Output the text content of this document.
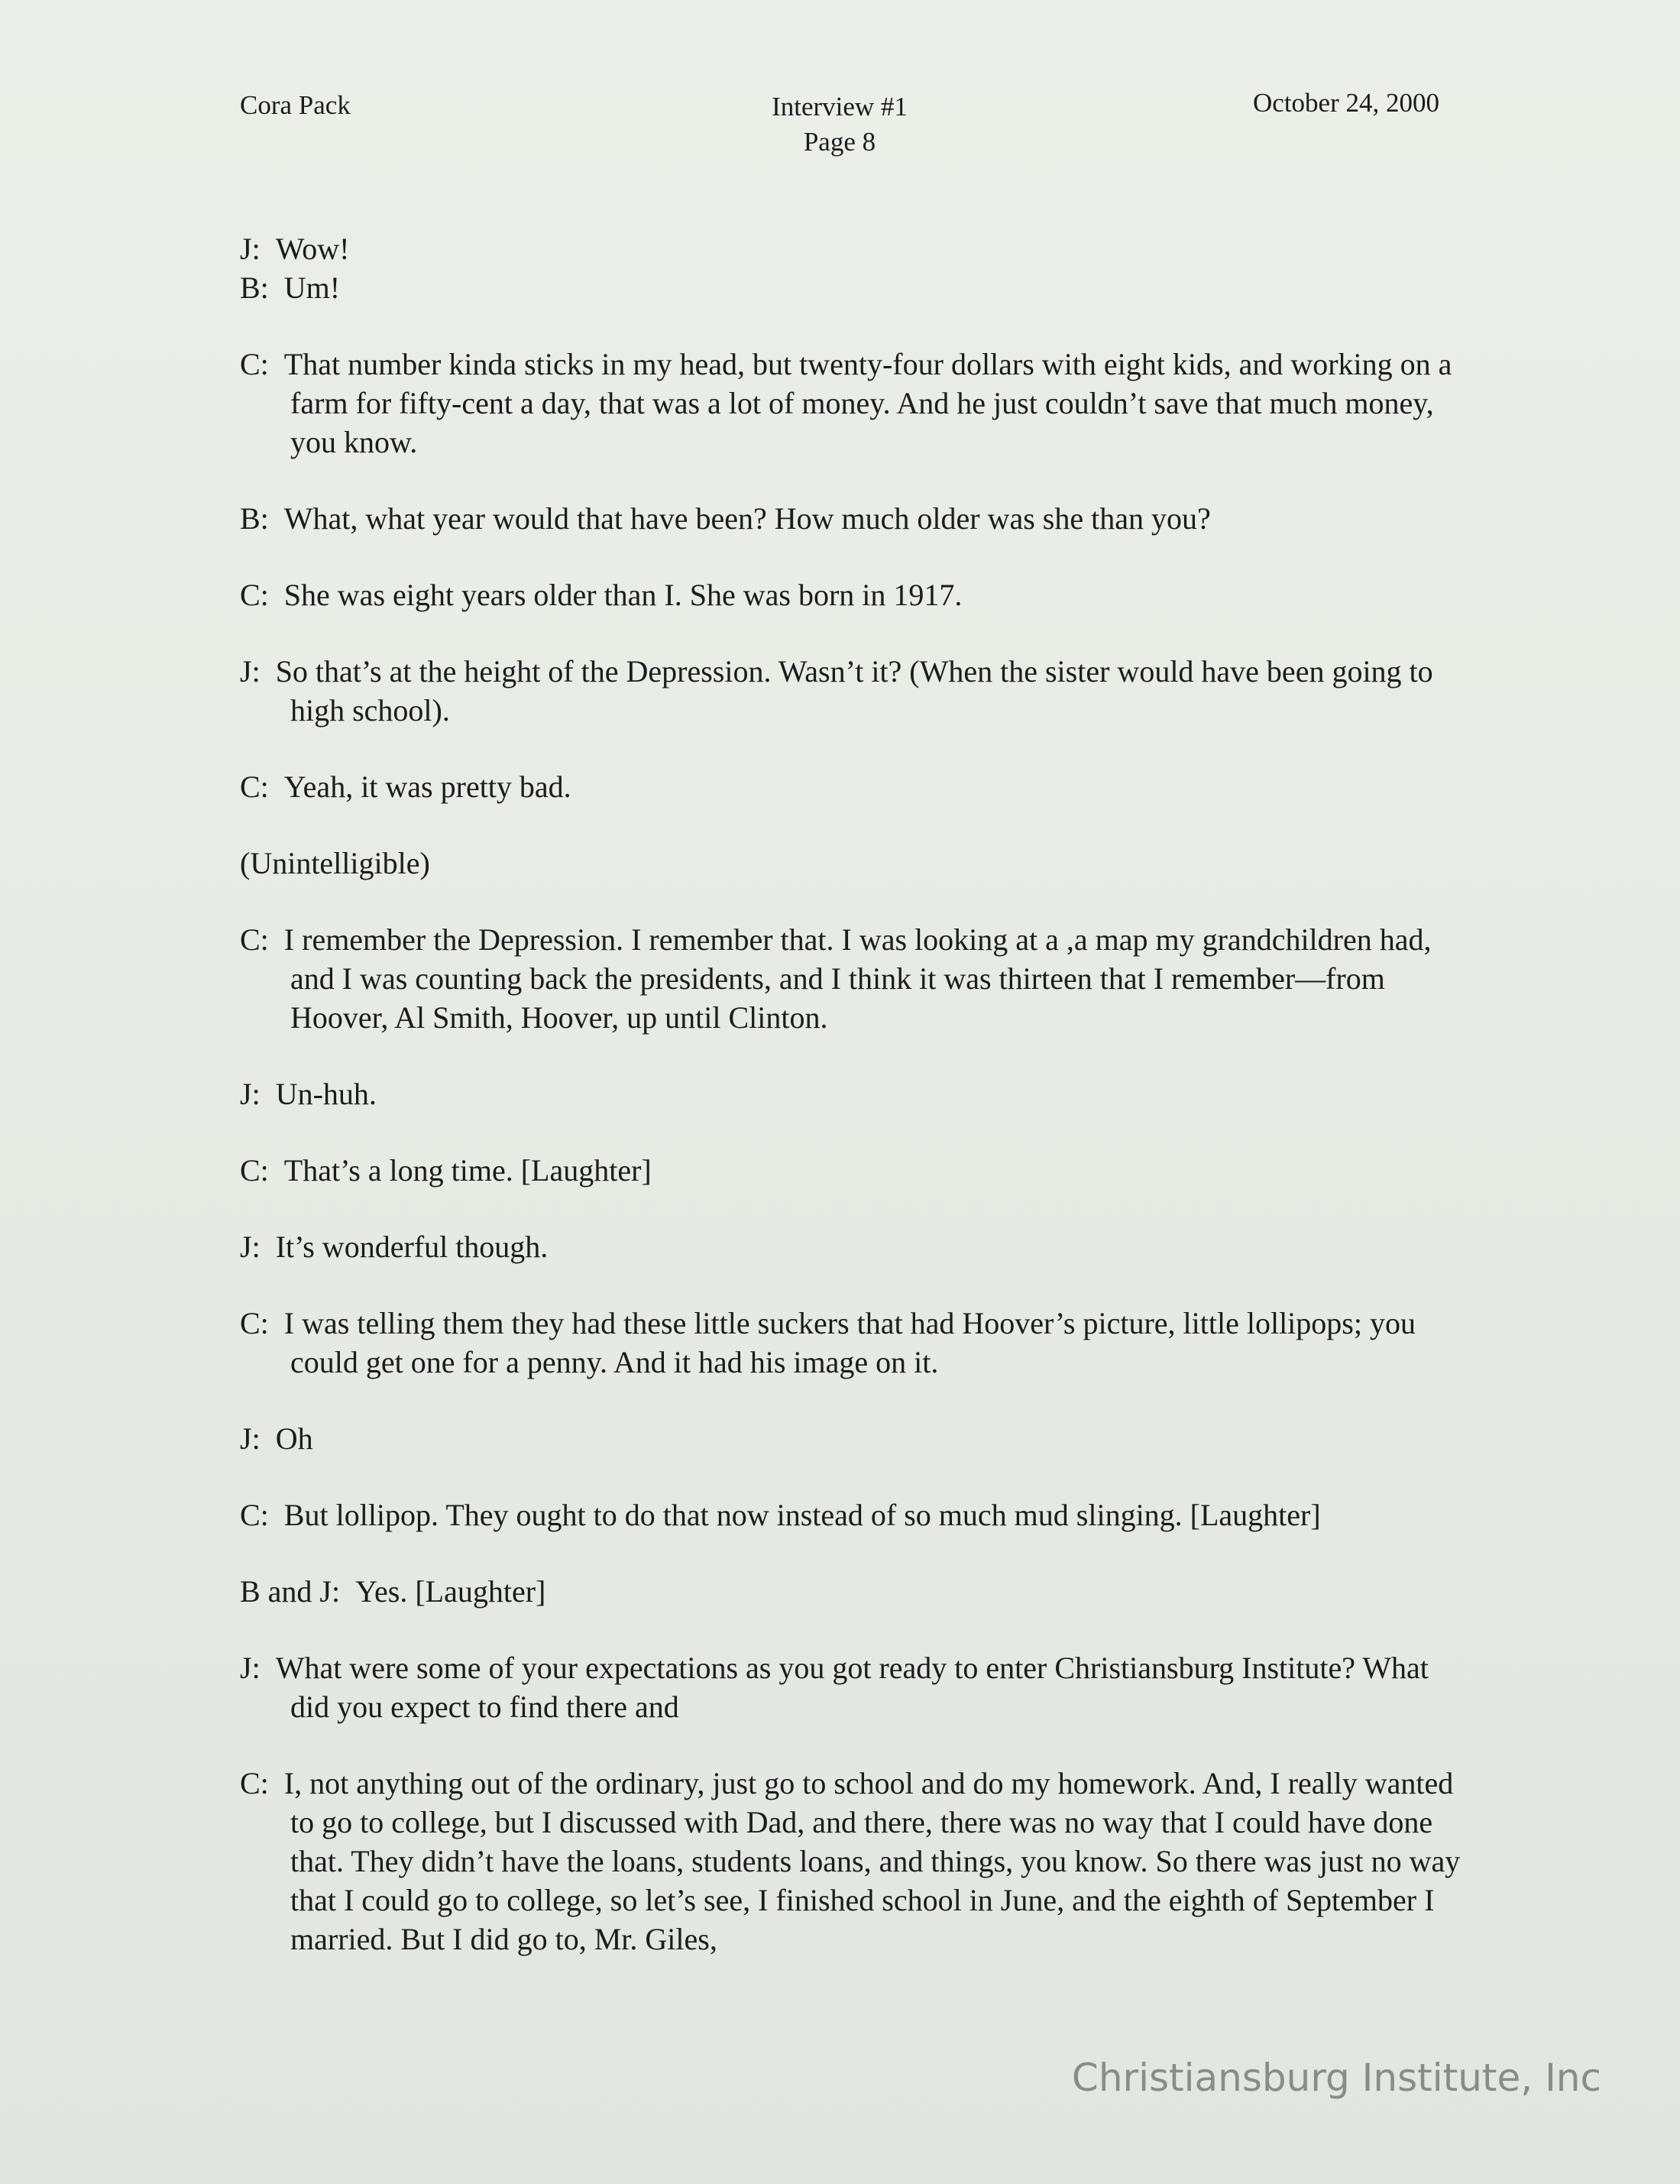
Cora Pack	Interview #1
Page 8
October 24, 2000

J: Wow!

B: Um!

C: That number kinda sticks in my head, but twenty-four dollars with eight kids, and working on a farm for fifty-cent a day, that was a lot of money. And he just couldn’t save that much money, you know.

B: What, what year would that have been? How much older was she than you?

C: She was eight years older than I. She was born in 1917.

J: So that’s at the height of the Depression. Wasn’t it? (When the sister would have been going to high school).

C: Yeah, it was pretty bad.

(Unintelligible)

C: I remember the Depression. I remember that. I was looking at a ,a map my grandchildren had, and I was counting back the presidents, and I think it was thirteen that I remember—from Hoover, Al Smith, Hoover, up until Clinton.

J: Un-huh.

C: That’s a long time. [Laughter]

J: It’s wonderful though.

C: I was telling them they had these little suckers that had Hoover’s picture, little lollipops; you could get one for a penny. And it had his image on it.

J: Oh

C: But lollipop. They ought to do that now instead of so much mud slinging. [Laughter]

B and J: Yes. [Laughter]

J: What were some of your expectations as you got ready to enter Christiansburg Institute? What did you expect to find there and

C: I, not anything out of the ordinary, just go to school and do my homework. And, I really wanted to go to college, but I discussed with Dad, and there, there was no way that I could have done that. They didn’t have the loans, students loans, and things, you know. So there was just no way that I could go to college, so let’s see, I finished school in June, and the eighth of September I married. But I did go to, Mr. Giles,

Christiansburg Institute, Inc
